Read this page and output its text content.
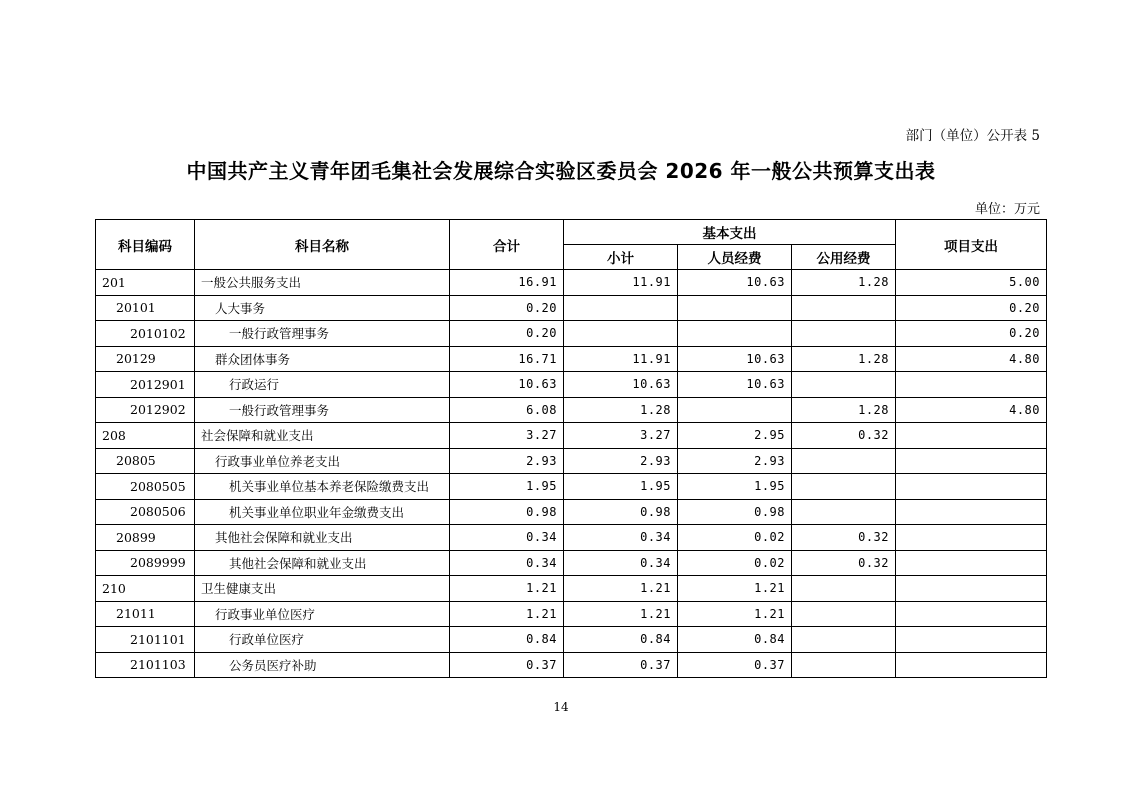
部门（单位）公开表 5
中国共产主义青年团毛集社会发展综合实验区委员会 2026 年一般公共预算支出表
单位：万元
科目编码	科目名称	合计	基本支出			项目支出
			小计	人员经费	公用经费	
201	一般公共服务支出	16.91	11.91	10.63	1.28	5.00
20101	人大事务	0.20				0.20
2010102	一般行政管理事务	0.20				0.20
20129	群众团体事务	16.71	11.91	10.63	1.28	4.80
2012901	行政运行	10.63	10.63	10.63		
2012902	一般行政管理事务	6.08	1.28		1.28	4.80
208	社会保障和就业支出	3.27	3.27	2.95	0.32	
20805	行政事业单位养老支出	2.93	2.93	2.93		
2080505	机关事业单位基本养老保险缴费支出	1.95	1.95	1.95		
2080506	机关事业单位职业年金缴费支出	0.98	0.98	0.98		
20899	其他社会保障和就业支出	0.34	0.34	0.02	0.32	
2089999	其他社会保障和就业支出	0.34	0.34	0.02	0.32	
210	卫生健康支出	1.21	1.21	1.21		
21011	行政事业单位医疗	1.21	1.21	1.21		
2101101	行政单位医疗	0.84	0.84	0.84		
2101103	公务员医疗补助	0.37	0.37	0.37		
14
